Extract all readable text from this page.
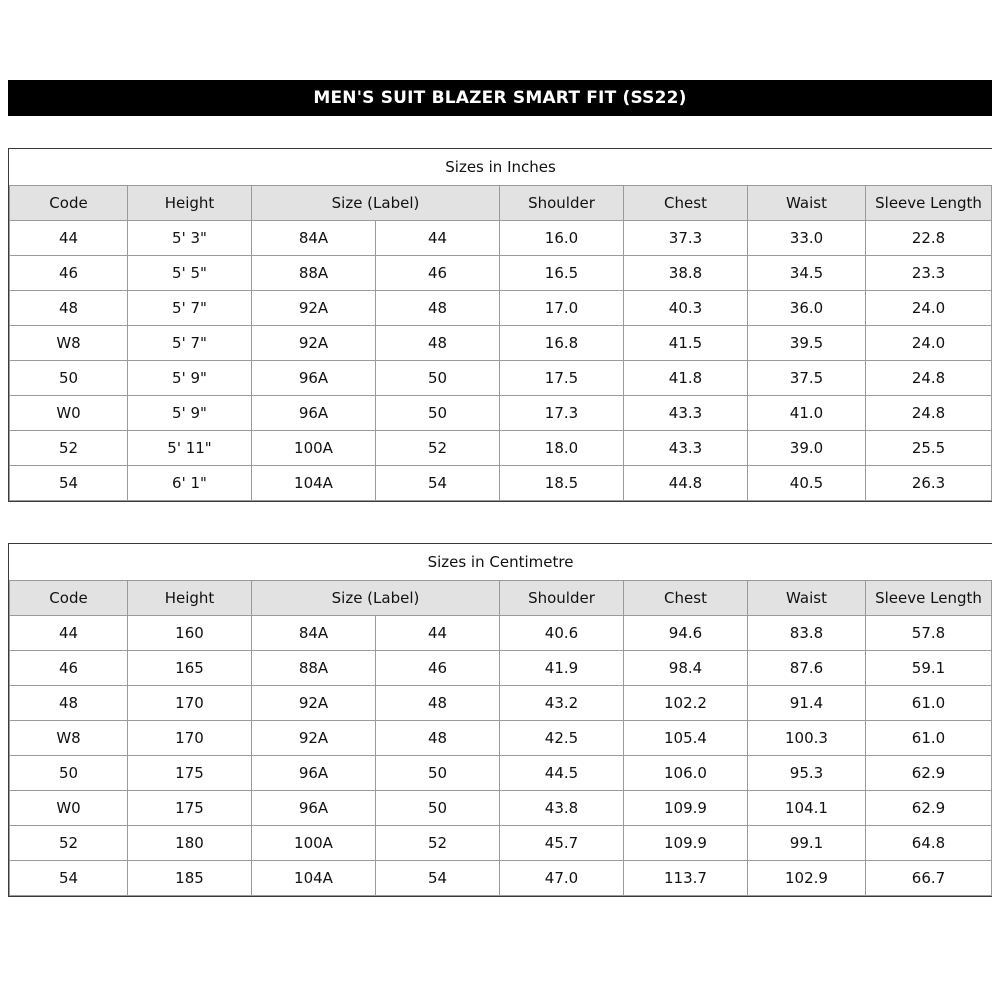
MEN'S SUIT BLAZER SMART FIT (SS22)
Sizes in Inches							
Code	Height	Size (Label)		Shoulder	Chest	Waist	Sleeve Length
44	5' 3"	84A	44	16.0	37.3	33.0	22.8
46	5' 5"	88A	46	16.5	38.8	34.5	23.3
48	5' 7"	92A	48	17.0	40.3	36.0	24.0
W8	5' 7"	92A	48	16.8	41.5	39.5	24.0
50	5' 9"	96A	50	17.5	41.8	37.5	24.8
W0	5' 9"	96A	50	17.3	43.3	41.0	24.8
52	5' 11"	100A	52	18.0	43.3	39.0	25.5
54	6' 1"	104A	54	18.5	44.8	40.5	26.3
Sizes in Centimetre							
Code	Height	Size (Label)		Shoulder	Chest	Waist	Sleeve Length
44	160	84A	44	40.6	94.6	83.8	57.8
46	165	88A	46	41.9	98.4	87.6	59.1
48	170	92A	48	43.2	102.2	91.4	61.0
W8	170	92A	48	42.5	105.4	100.3	61.0
50	175	96A	50	44.5	106.0	95.3	62.9
W0	175	96A	50	43.8	109.9	104.1	62.9
52	180	100A	52	45.7	109.9	99.1	64.8
54	185	104A	54	47.0	113.7	102.9	66.7
